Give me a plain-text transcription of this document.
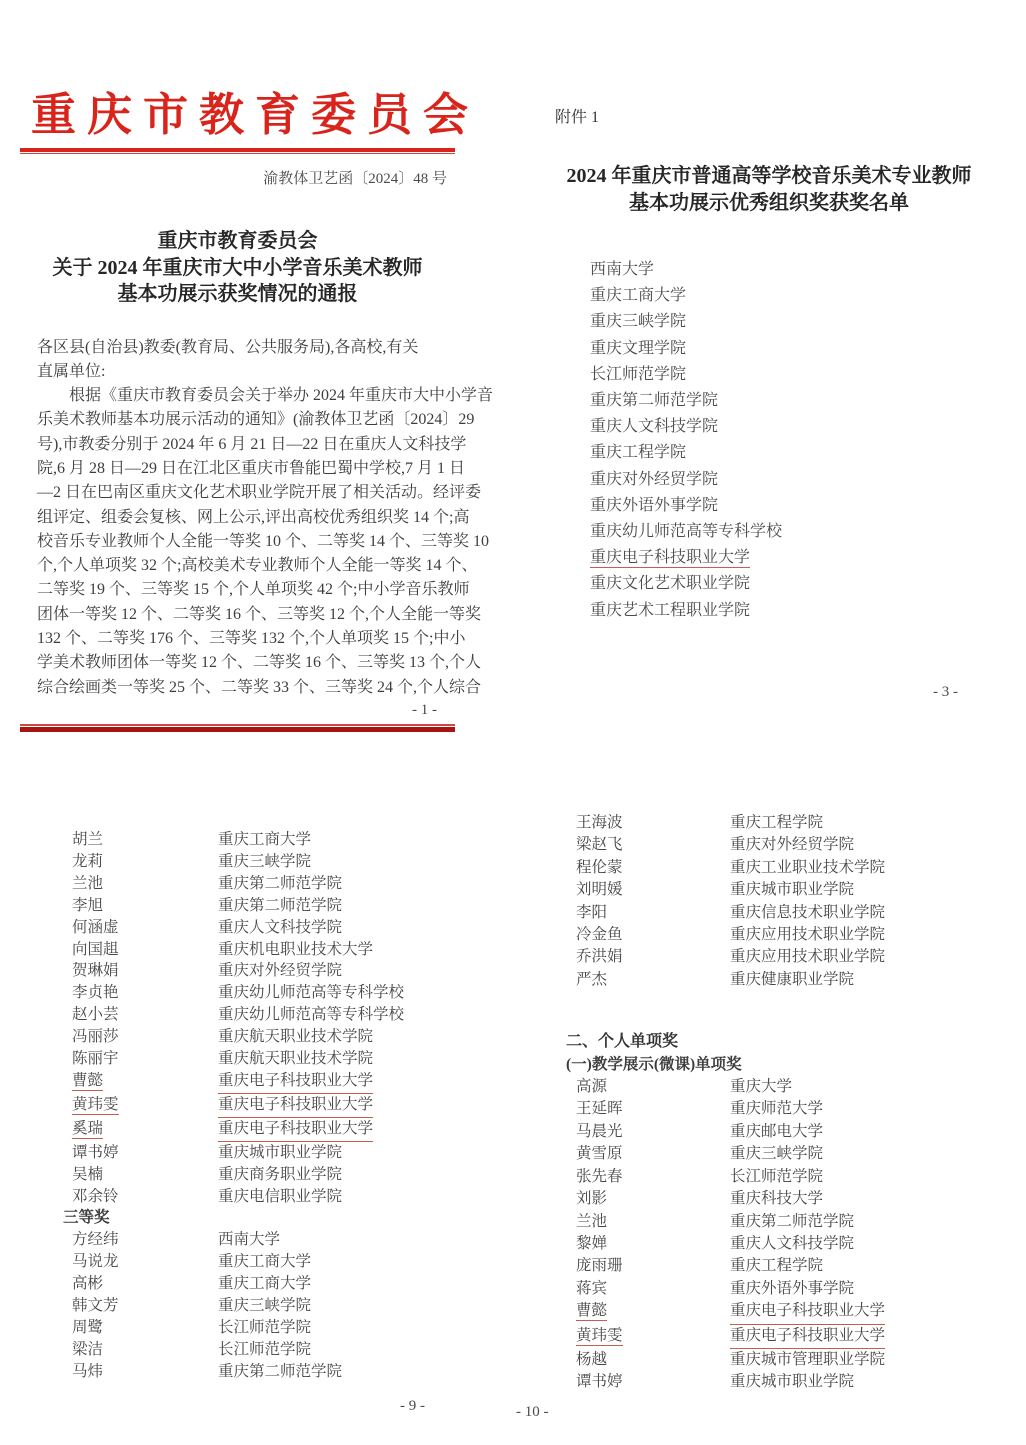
重庆市教育委员会
渝教体卫艺函〔2024〕48 号
重庆市教育委员会
关于 2024 年重庆市大中小学音乐美术教师
基本功展示获奖情况的通报
各区县(自治县)教委(教育局、公共服务局),各高校,有关
直属单位:
　　根据《重庆市教育委员会关于举办 2024 年重庆市大中小学音
乐美术教师基本功展示活动的通知》(渝教体卫艺函〔2024〕29
号),市教委分别于 2024 年 6 月 21 日—22 日在重庆人文科技学
院,6 月 28 日—29 日在江北区重庆市鲁能巴蜀中学校,7 月 1 日
—2 日在巴南区重庆文化艺术职业学院开展了相关活动。经评委
组评定、组委会复核、网上公示,评出高校优秀组织奖 14 个;高
校音乐专业教师个人全能一等奖 10 个、二等奖 14 个、三等奖 10
个,个人单项奖 32 个;高校美术专业教师个人全能一等奖 14 个、
二等奖 19 个、三等奖 15 个,个人单项奖 42 个;中小学音乐教师
团体一等奖 12 个、二等奖 16 个、三等奖 12 个,个人全能一等奖
132 个、二等奖 176 个、三等奖 132 个,个人单项奖 15 个;中小
学美术教师团体一等奖 12 个、二等奖 16 个、三等奖 13 个,个人
综合绘画类一等奖 25 个、二等奖 33 个、三等奖 24 个,个人综合
- 1 -
附件 1
2024 年重庆市普通高等学校音乐美术专业教师
基本功展示优秀组织奖获奖名单
西南大学
重庆工商大学
重庆三峡学院
重庆文理学院
长江师范学院
重庆第二师范学院
重庆人文科技学院
重庆工程学院
重庆对外经贸学院
重庆外语外事学院
重庆幼儿师范高等专科学校
重庆电子科技职业大学
重庆文化艺术职业学院
重庆艺术工程职业学院
- 3 -
胡兰	重庆工商大学
龙莉	重庆三峡学院
兰池	重庆第二师范学院
李旭	重庆第二师范学院
何涵虚	重庆人文科技学院
向国趄	重庆机电职业技术大学
贺琳娟	重庆对外经贸学院
李贞艳	重庆幼儿师范高等专科学校
赵小芸	重庆幼儿师范高等专科学校
冯丽莎	重庆航天职业技术学院
陈丽宇	重庆航天职业技术学院
曹懿	重庆电子科技职业大学
黄玮雯	重庆电子科技职业大学
奚瑞	重庆电子科技职业大学
谭书婷	重庆城市职业学院
吴楠	重庆商务职业学院
邓余铃	重庆电信职业学院
三等奖
方经纬	西南大学
马说龙	重庆工商大学
高彬	重庆工商大学
韩文芳	重庆三峡学院
周鹭	长江师范学院
梁洁	长江师范学院
马炜	重庆第二师范学院
- 9 -
王海波	重庆工程学院
梁赵飞	重庆对外经贸学院
程伦蒙	重庆工业职业技术学院
刘明媛	重庆城市职业学院
李阳	重庆信息技术职业学院
冷金鱼	重庆应用技术职业学院
乔洪娟	重庆应用技术职业学院
严杰	重庆健康职业学院
二、个人单项奖
(一)教学展示(微课)单项奖
高源	重庆大学
王延晖	重庆师范大学
马晨光	重庆邮电大学
黄雪原	重庆三峡学院
张先春	长江师范学院
刘影	重庆科技大学
兰池	重庆第二师范学院
黎婵	重庆人文科技学院
庞雨珊	重庆工程学院
蒋宾	重庆外语外事学院
曹懿	重庆电子科技职业大学
黄玮雯	重庆电子科技职业大学
杨越	重庆城市管理职业学院
谭书婷	重庆城市职业学院
- 10 -
